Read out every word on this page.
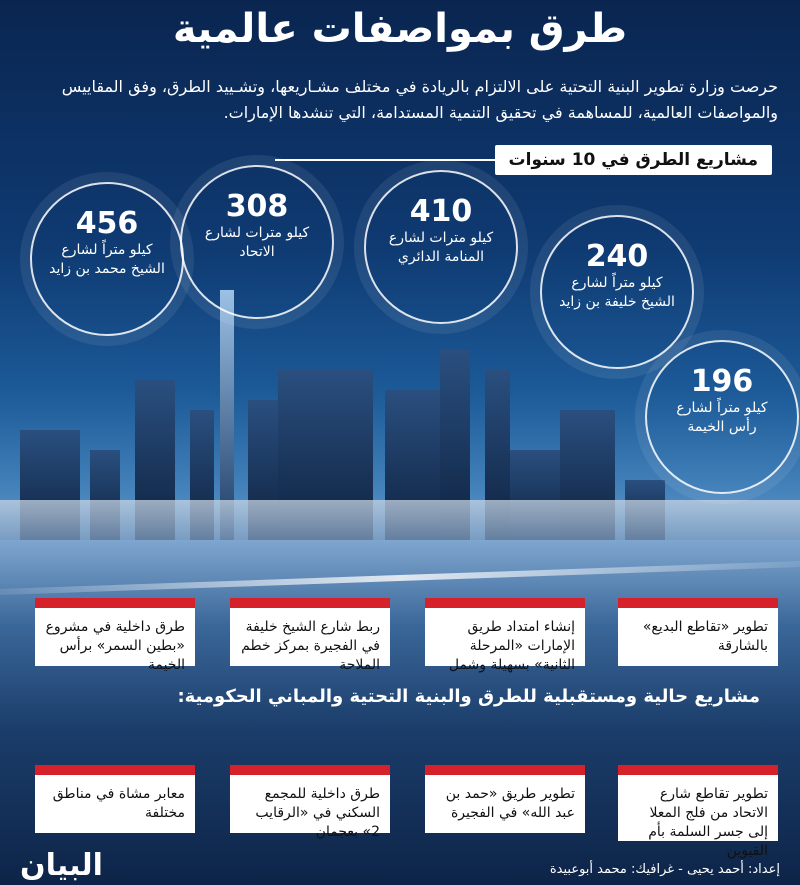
طرق بمواصفات عالمية
حرصت وزارة تطوير البنية التحتية على الالتزام بالريادة في مختلف مشـاريعها، وتشـييد الطرق، وفق المقاييس والمواصفات العالمية، للمساهمة في تحقيق التنمية المستدامة، التي تنشدها الإمارات.
مشاريع الطرق في 10 سنوات
456
كيلو متراً لشارع الشيخ محمد بن زايد
308
كيلو مترات لشارع الاتحاد
410
كيلو مترات لشارع المنامة الدائري	240
كيلو متراً لشارع الشيخ خليفة بن زايد
196
كيلو متراً لشارع رأس الخيمة
تطوير «تقاطع البديع» بالشارقة
إنشاء امتداد طريق الإمارات «المرحلة الثانية» بسهيلة وشمل
ربط شارع الشيخ خليفة في الفجيرة بمركز خطم الملاحة
طرق داخلية في مشروع «بطين السمر» برأس الخيمة
مشاريع حالية ومستقبلية للطرق والبنية التحتية والمباني الحكومية:
تطوير تقاطع شارع الاتحاد من فلج المعلا إلى جسر السلمة بأم القيوين
تطوير طريق «حمد بن عبد الله» في الفجيرة
طرق داخلية للمجمع السكني في «الرقايب 2» بعجمان
معابر مشاة في مناطق مختلفة
إعداد: أحمد يحيى - غرافيك: محمد أبوعبيدة
البيان
